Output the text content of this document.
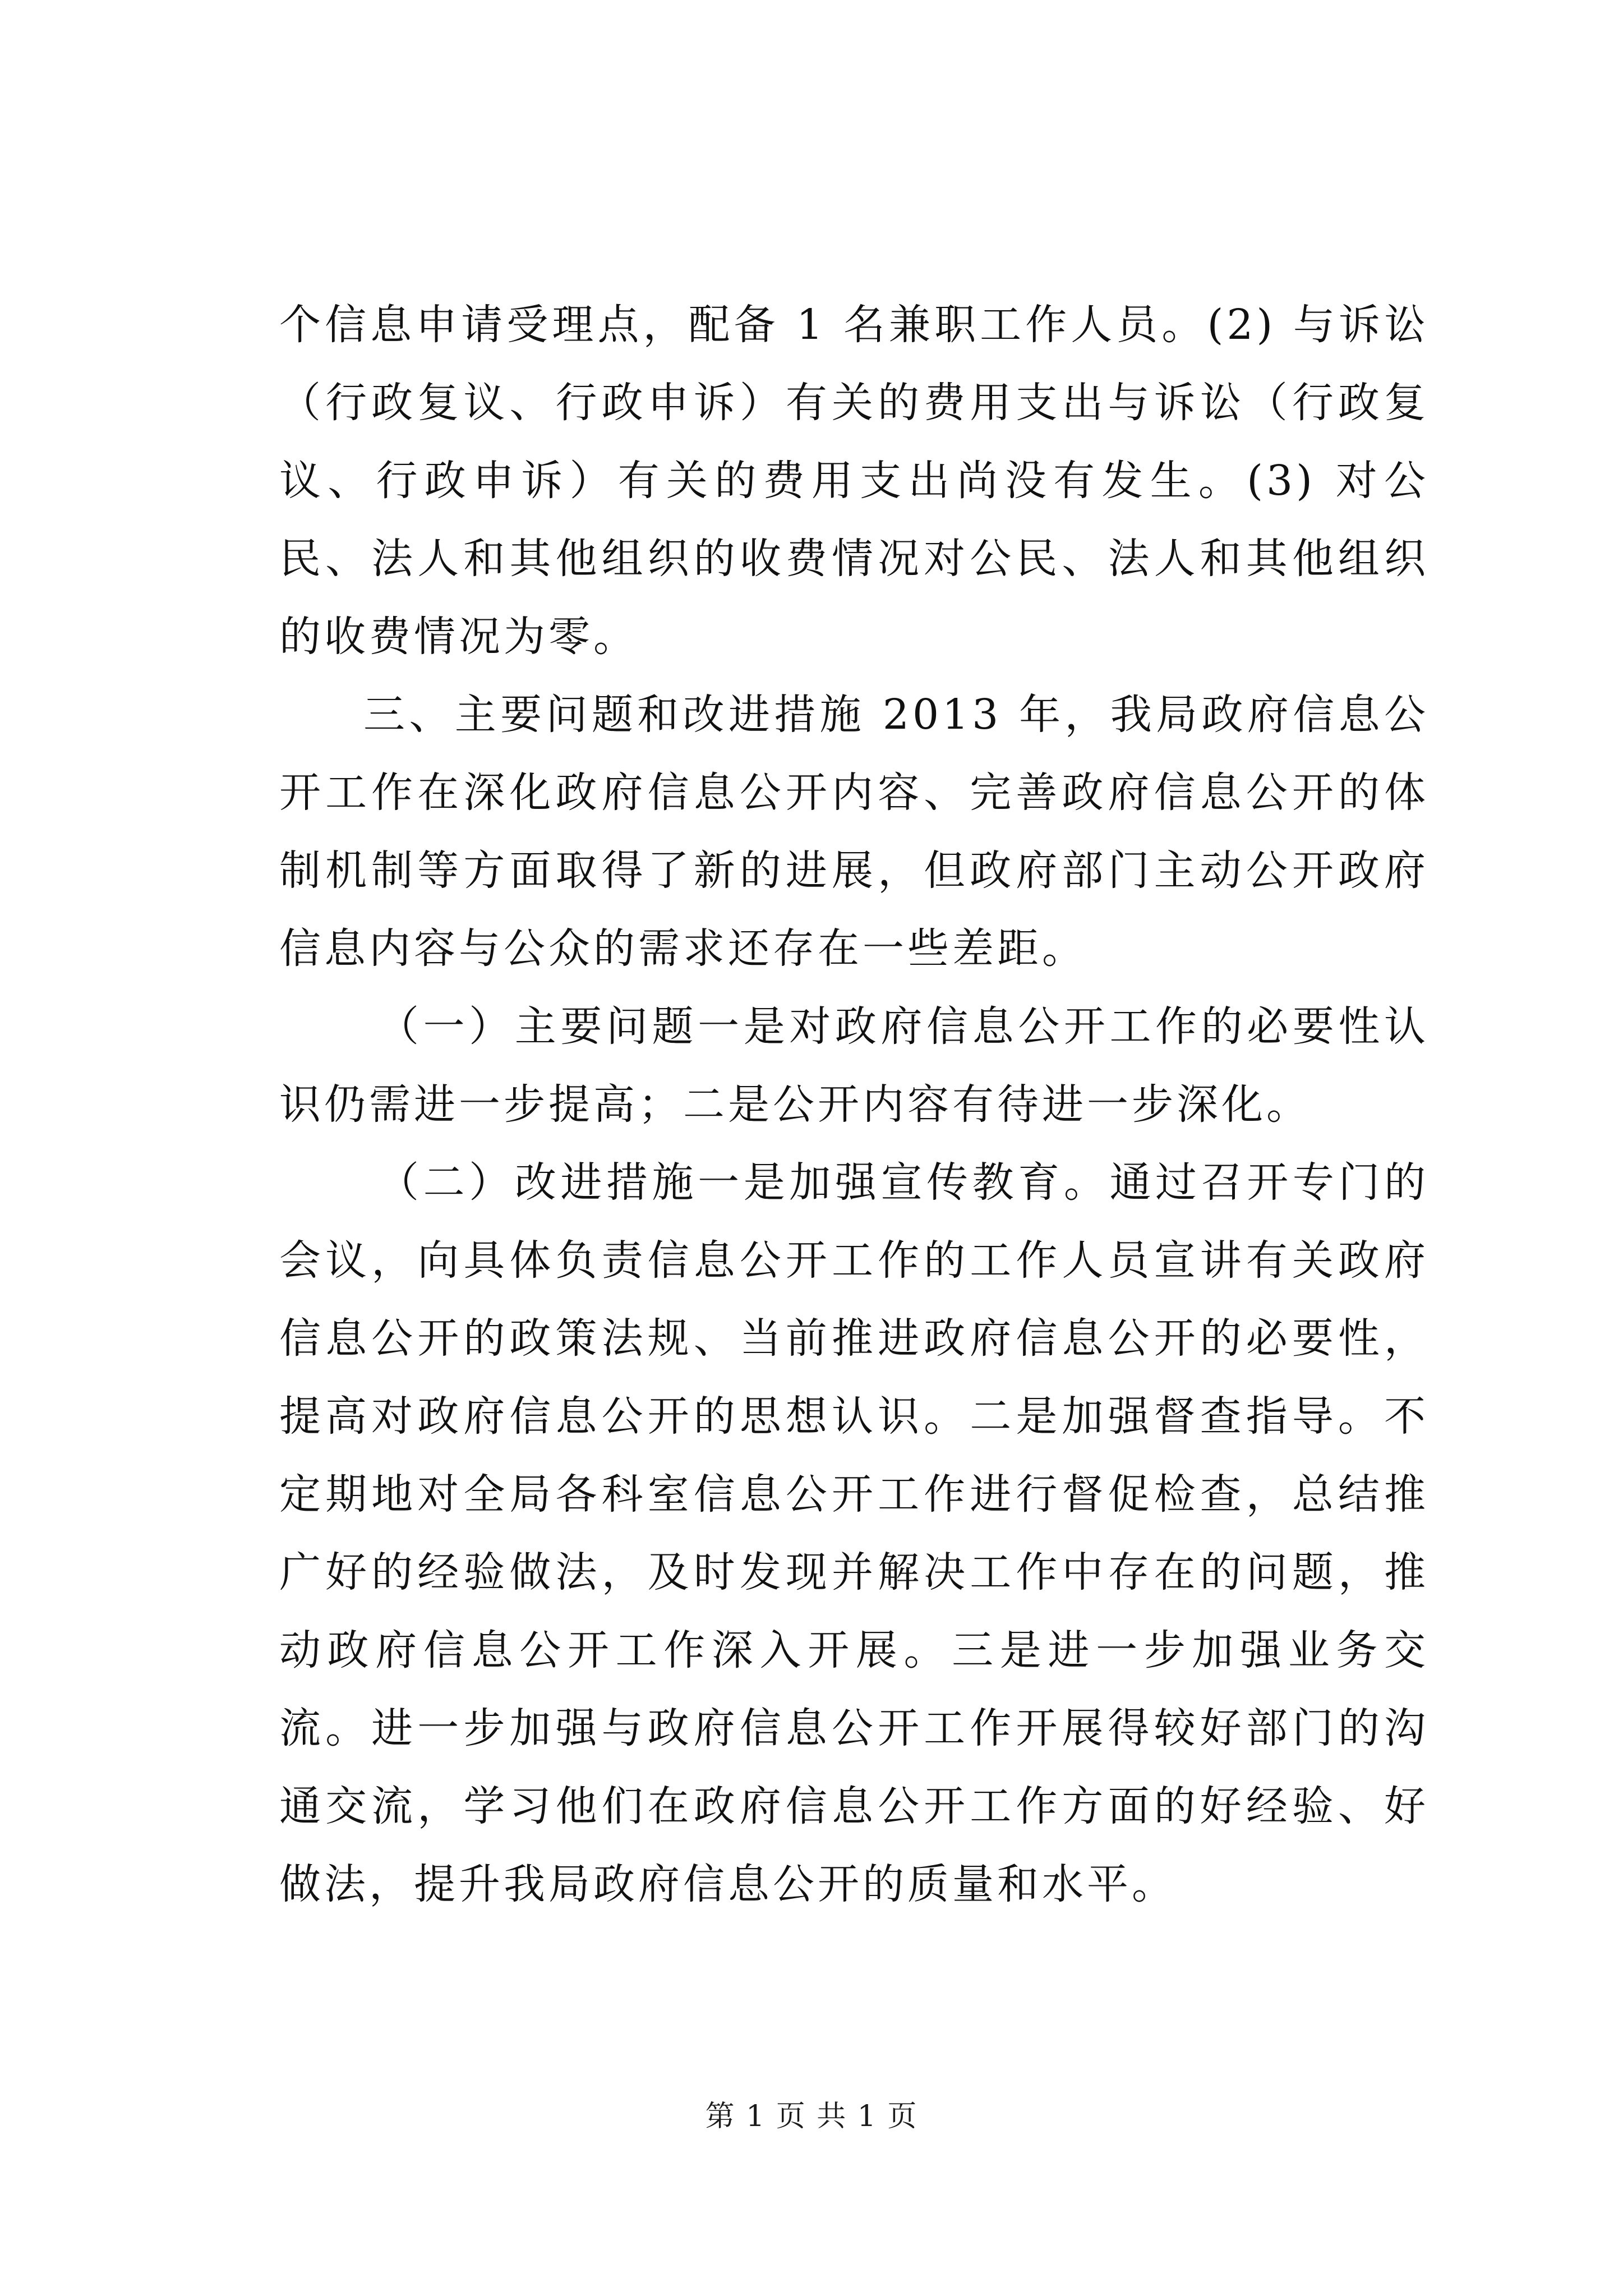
个信息申请受理点，配备 1 名兼职工作人员。(2) 与诉讼（行政复议、行政申诉）有关的费用支出与诉讼（行政复议、行政申诉）有关的费用支出尚没有发生。(3) 对公民、法人和其他组织的收费情况对公民、法人和其他组织的收费情况为零。

三、主要问题和改进措施 2013 年，我局政府信息公开工作在深化政府信息公开内容、完善政府信息公开的体制机制等方面取得了新的进展，但政府部门主动公开政府信息内容与公众的需求还存在一些差距。

（一）主要问题一是对政府信息公开工作的必要性认识仍需进一步提高；二是公开内容有待进一步深化。

（二）改进措施一是加强宣传教育。通过召开专门的会议，向具体负责信息公开工作的工作人员宣讲有关政府信息公开的政策法规、当前推进政府信息公开的必要性，提高对政府信息公开的思想认识。二是加强督查指导。不定期地对全局各科室信息公开工作进行督促检查，总结推广好的经验做法，及时发现并解决工作中存在的问题，推动政府信息公开工作深入开展。三是进一步加强业务交流。进一步加强与政府信息公开工作开展得较好部门的沟通交流，学习他们在政府信息公开工作方面的好经验、好做法，提升我局政府信息公开的质量和水平。

第 1 页 共 1 页
